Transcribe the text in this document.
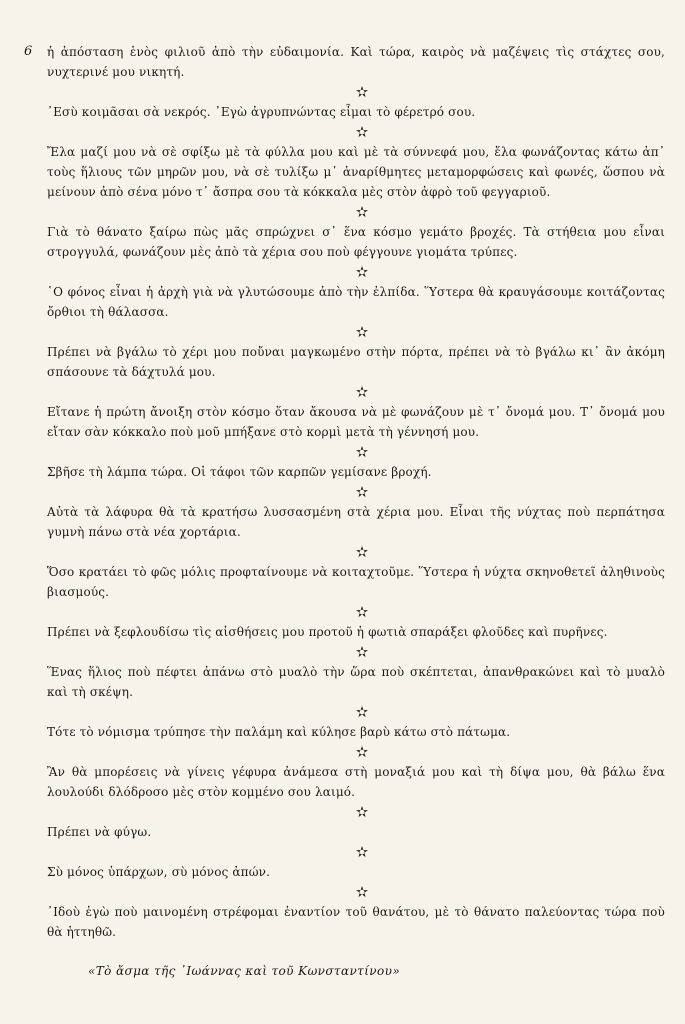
6 ἡ ἀπόσταση ἑνὸς φιλιοῦ ἀπὸ τὴν εὐδαιμονία. Καὶ τώρα, καιρὸς νὰ μαζέψεις τὶς στάχτες σου, νυχτερινέ μου νικητή.

✫

᾿Εσὺ κοιμᾶσαι σὰ νεκρός. ᾿Εγὼ ἀγρυπνώντας εἶμαι τὸ φέρετρό σου.

✫

Ἔλα μαζί μου νὰ σὲ σφίξω μὲ τὰ φύλλα μου καὶ μὲ τὰ σύννεφά μου, ἔλα φωνάζοντας κάτω ἀπ᾿ τοὺς ἥλιους τῶν μηρῶν μου, νὰ σὲ τυλίξω μ᾿ ἀναρίθμητες μεταμορφώσεις καὶ φωνές, ὥσπου νὰ μείνουν ἀπὸ σένα μόνο τ᾿ ἄσπρα σου τὰ κόκκαλα μὲς στὸν ἀφρὸ τοῦ φεγγαριοῦ.

✫

Γιὰ τὸ θάνατο ξαίρω πὼς μᾶς σπρώχνει σ᾿ ἕνα κόσμο γεμάτο βροχές. Τὰ στήθεια μου εἶναι στρογγυλά, φωνάζουν μὲς ἀπὸ τὰ χέρια σου ποὺ φέγγουνε γιομάτα τρύπες.

✫

῾Ο φόνος εἶναι ἡ ἀρχὴ γιὰ νὰ γλυτώσουμε ἀπὸ τὴν ἐλπίδα. Ὕστερα θὰ κραυγάσουμε κοιτάζοντας ὄρθιοι τὴ θάλασσα.

✫

Πρέπει νὰ βγάλω τὸ χέρι μου ποὔναι μαγκωμένο στὴν πόρτα, πρέπει νὰ τὸ βγάλω κι᾿ ἂν ἀκόμη σπάσουνε τὰ δάχτυλά μου.

✫

Εἴτανε ἡ πρώτη ἄνοιξη στὸν κόσμο ὅταν ἄκουσα νὰ μὲ φωνάζουν μὲ τ᾿ ὄνομά μου. Τ᾿ ὄνομά μου εἴταν σὰν κόκκαλο ποὺ μοῦ μπήξανε στὸ κορμὶ μετὰ τὴ γέννησή μου.

✫

Σβῆσε τὴ λάμπα τώρα. Οἱ τάφοι τῶν καρπῶν γεμίσανε βροχή.

✫

Αὐτὰ τὰ λάφυρα θὰ τὰ κρατήσω λυσσασμένη στὰ χέρια μου. Εἶναι τῆς νύχτας ποὺ περπάτησα γυμνὴ πάνω στὰ νέα χορτάρια.

✫

Ὅσο κρατάει τὸ φῶς μόλις προφταίνουμε νὰ κοιταχτοῦμε. Ὕστερα ἡ νύχτα σκηνοθετεῖ ἀληθινοὺς βιασμούς.

✫

Πρέπει νὰ ξεφλουδίσω τὶς αἰσθήσεις μου προτοῦ ἡ φωτιὰ σπαράξει φλοῦδες καὶ πυρῆνες.

✫

Ἕνας ἥλιος ποὺ πέφτει ἀπάνω στὸ μυαλὸ τὴν ὥρα ποὺ σκέπτεται, ἀπανθρακώνει καὶ τὸ μυαλὸ καὶ τὴ σκέψη.

✫

Τότε τὸ νόμισμα τρύπησε τὴν παλάμη καὶ κύλησε βαρὺ κάτω στὸ πάτωμα.

✫

Ἂν θὰ μπορέσεις νὰ γίνεις γέφυρα ἀνάμεσα στὴ μοναξιά μου καὶ τὴ δίψα μου, θὰ βάλω ἕνα λουλούδι δλόδροσο μὲς στὸν κομμένο σου λαιμό.

✫

Πρέπει νὰ φύγω.

✫

Σὺ μόνος ὑπάρχων, σὺ μόνος ἀπών.

✫

᾿Ιδοὺ ἐγὼ ποὺ μαινομένη στρέφομαι ἐναντίον τοῦ θανάτου, μὲ τὸ θάνατο παλεύοντας τώρα ποὺ θὰ ἡττηθῶ.

«Τὸ ἄσμα τῆς ᾿Ιωάννας καὶ τοῦ Κωνσταντίνου»
